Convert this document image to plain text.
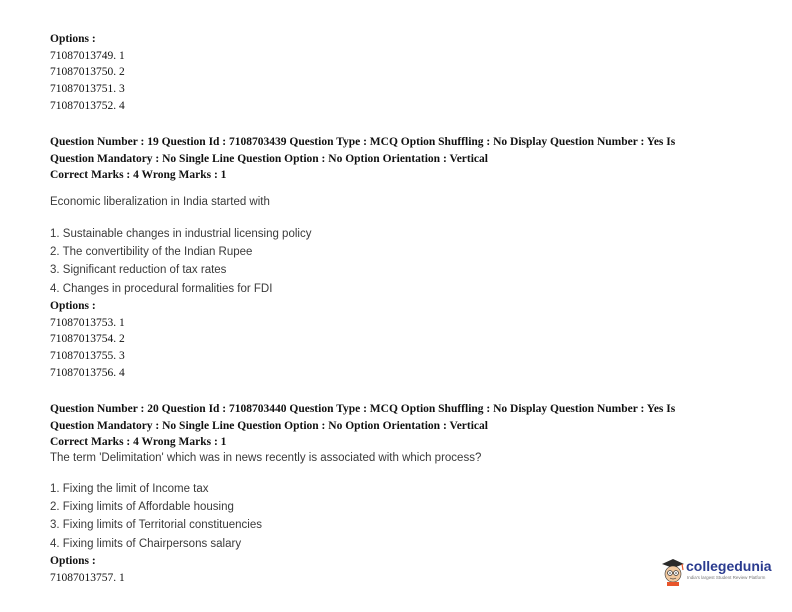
Options :
71087013749. 1
71087013750. 2
71087013751. 3
71087013752. 4
Question Number : 19 Question Id : 7108703439 Question Type : MCQ Option Shuffling : No Display Question Number : Yes Is
Question Mandatory : No Single Line Question Option : No Option Orientation : Vertical
Correct Marks : 4 Wrong Marks : 1
Economic liberalization in India started with
1. Sustainable changes in industrial licensing policy
2. The convertibility of the Indian Rupee
3. Significant reduction of tax rates
4. Changes in procedural formalities for FDI
Options :
71087013753. 1
71087013754. 2
71087013755. 3
71087013756. 4
Question Number : 20 Question Id : 7108703440 Question Type : MCQ Option Shuffling : No Display Question Number : Yes Is
Question Mandatory : No Single Line Question Option : No Option Orientation : Vertical
Correct Marks : 4 Wrong Marks : 1
The term 'Delimitation' which was in news recently is associated with which process?
1. Fixing the limit of Income tax
2. Fixing limits of Affordable housing
3. Fixing limits of Territorial constituencies
4. Fixing limits of Chairpersons salary
Options :
71087013757. 1
collegedunia
India's largest Student Review Platform
